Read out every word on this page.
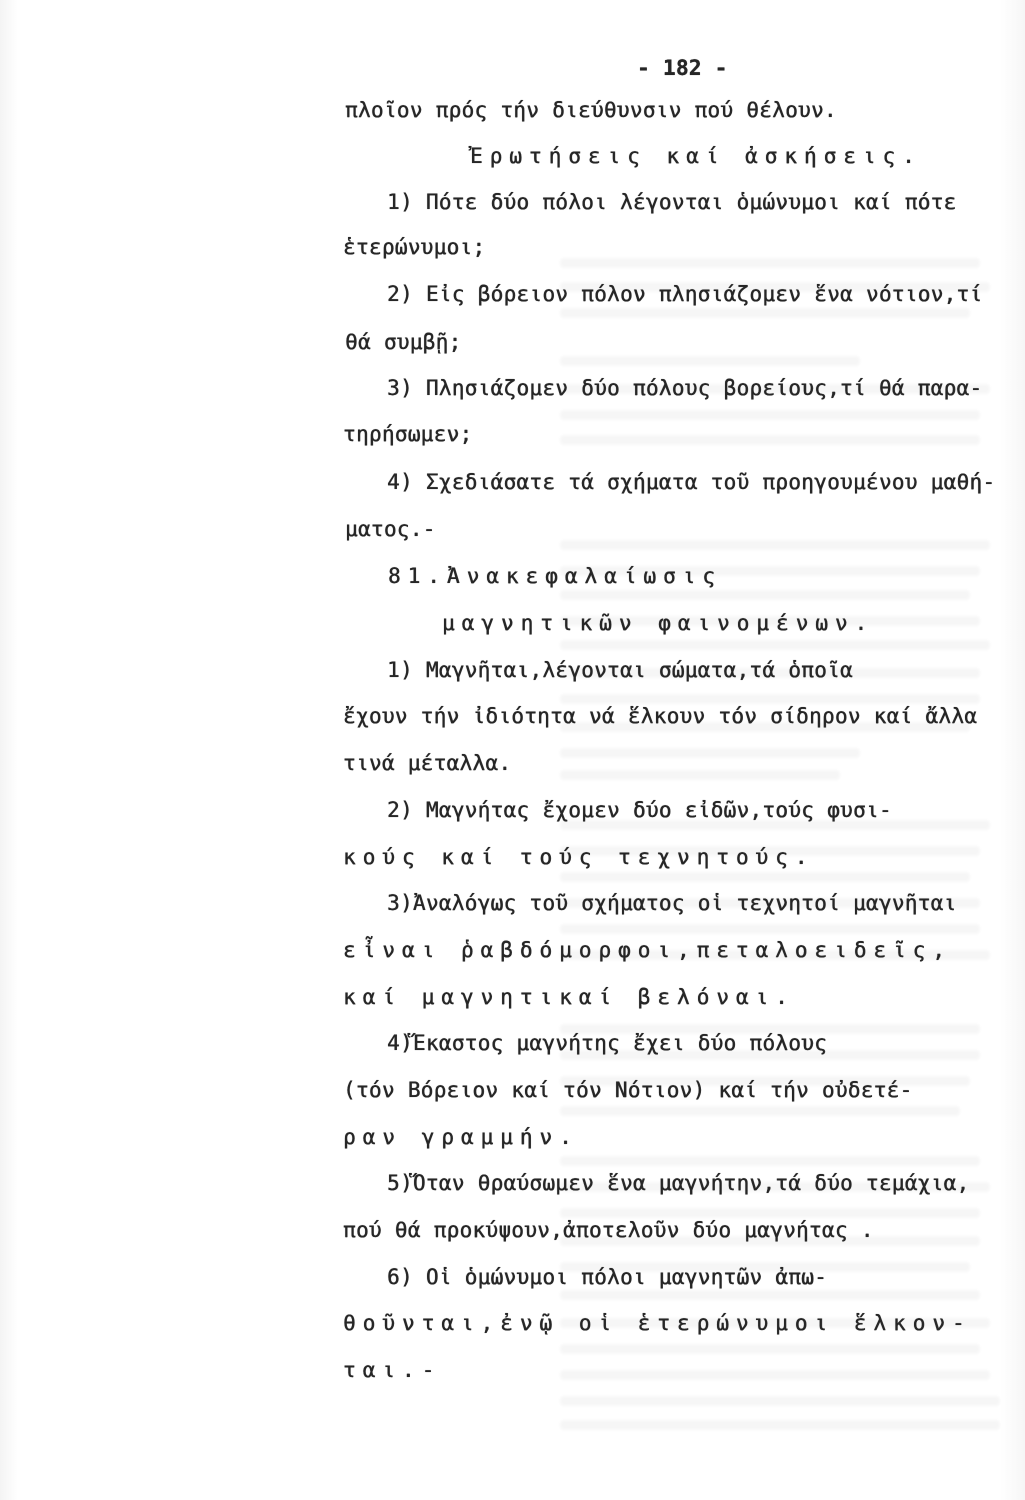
- 182 -
πλοῖον πρός τήν διεύθυνσιν πού θέλουν.
Ἐρωτήσεις καί ἀσκήσεις.
1) Πότε δύο πόλοι λέγονται ὁμώνυμοι καί πότε
ἑτερώνυμοι;
2) Εἰς βόρειον πόλον πλησιάζομεν ἕνα νότιον,τί
θά συμβῇ;
3) Πλησιάζομεν δύο πόλους βορείους,τί θά παρα-
τηρήσωμεν;
4) Σχεδιάσατε τά σχήματα τοῦ προηγουμένου μαθή-
ματος.-
81.Ἀνακεφαλαίωσις
μαγνητικῶν φαινομένων.
1) Μαγνῆται,λέγονται σώματα,τά ὁποῖα
ἔχουν τήν ἰδιότητα νά ἕλκουν τόν σίδηρον καί ἄλλα
τινά μέταλλα.
2) Μαγνήτας ἔχομεν δύο εἰδῶν,τούς φυσι-
κούς καί τούς τεχνητούς.
3)Ἀναλόγως τοῦ σχήματος οἱ τεχνητοί μαγνῆται
εἶναι ῥαβδόμορφοι,πεταλοειδεῖς,
καί μαγνητικαί βελόναι.
4)Ἕκαστος μαγνήτης ἔχει δύο πόλους
(τόν Βόρειον καί τόν Νότιον) καί τήν οὐδετέ-
ραν γραμμήν.
5)Ὅταν θραύσωμεν ἕνα μαγνήτην,τά δύο τεμάχια,
πού θά προκύψουν,ἀποτελοῦν δύο μαγνήτας .
6) Οἱ ὁμώνυμοι πόλοι μαγνητῶν ἀπω-
θοῦνται,ἐνῷ οἱ ἑτερώνυμοι ἕλκον-
ται.-
